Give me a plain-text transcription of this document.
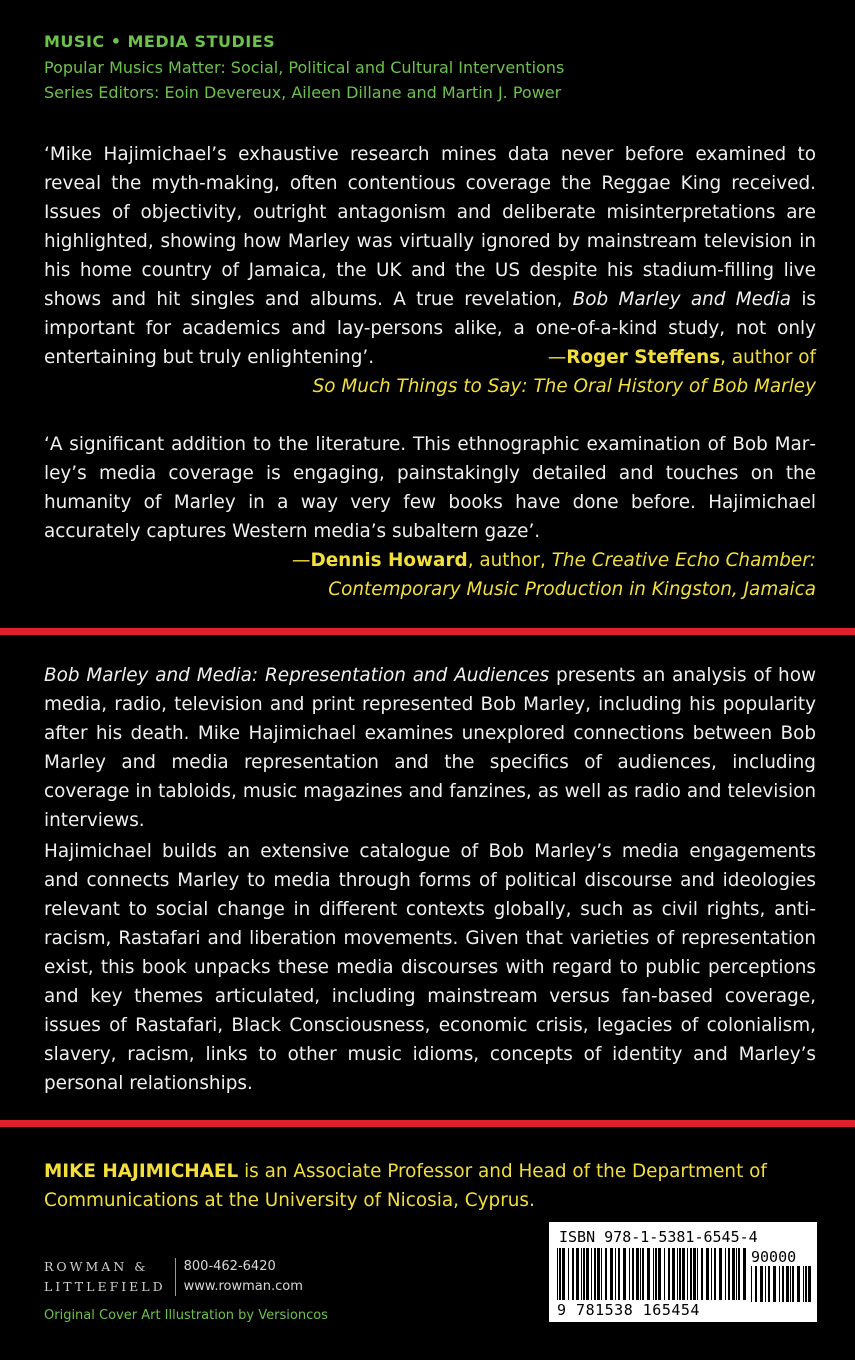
MUSIC • MEDIA STUDIES
Popular Musics Matter: Social, Political and Cultural Interventions
Series Editors: Eoin Devereux, Aileen Dillane and Martin J. Power
‘Mike Hajimichael’s exhaustive research mines data never before examined to reveal the myth-making, often contentious coverage the Reggae King received. Issues of objectivity, outright antagonism and deliberate misinterpretations are highlighted, showing how Marley was virtually ignored by mainstream television in his home country of Jamaica, the UK and the US despite his stadium-filling live shows and hit singles and albums. A true revelation, Bob Marley and Media is important for academics and lay-persons alike, a one-of-a-kind study, not only entertaining but truly enlightening’.	—Roger Steffens, author of
So Much Things to Say: The Oral History of Bob Marley
‘A significant addition to the literature. This ethnographic examination of Bob Marley’s media coverage is engaging, painstakingly detailed and touches on the humanity of Marley in a way very few books have done before. Hajimichael accurately captures Western media’s subaltern gaze’.
—Dennis Howard, author, The Creative Echo Chamber:
Contemporary Music Production in Kingston, Jamaica
Bob Marley and Media: Representation and Audiences presents an analysis of how media, radio, television and print represented Bob Marley, including his popularity after his death. Mike Hajimichael examines unexplored connections between Bob Marley and media representation and the specifics of audiences, including coverage in tabloids, music magazines and fanzines, as well as radio and television interviews.
Hajimichael builds an extensive catalogue of Bob Marley’s media engagements and connects Marley to media through forms of political discourse and ideologies relevant to social change in different contexts globally, such as civil rights, anti-racism, Rastafari and liberation movements. Given that varieties of representation exist, this book unpacks these media discourses with regard to public perceptions and key themes articulated, including mainstream versus fan-based coverage, issues of Rastafari, Black Consciousness, economic crisis, legacies of colonialism, slavery, racism, links to other music idioms, concepts of identity and Marley’s personal relationships.
MIKE HAJIMICHAEL is an Associate Professor and Head of the Department of Communications at the University of Nicosia, Cyprus.
ROWMAN &
LITTLEFIELD
800-462-6420
www.rowman.com
Original Cover Art Illustration by Versioncos
ISBN 978-1-5381-6545-4
90000
9 781538 165454
